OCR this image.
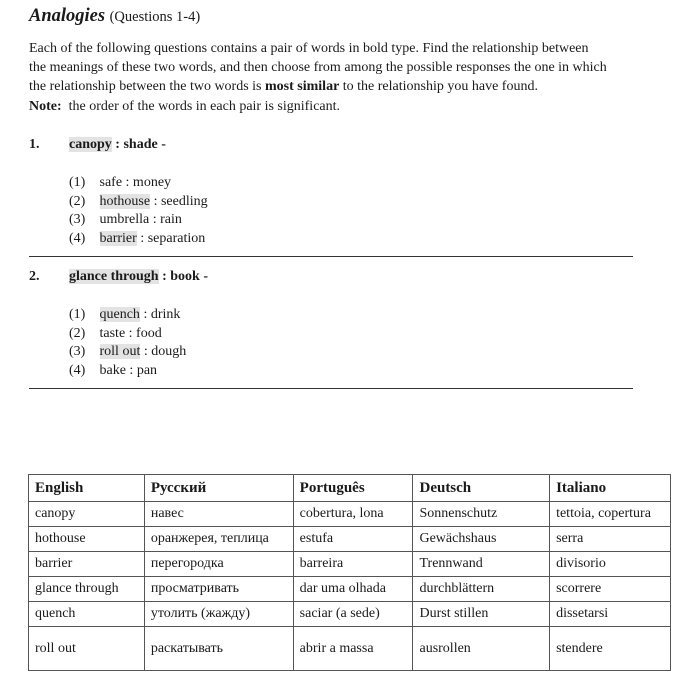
Analogies (Questions 1-4)
Each of the following questions contains a pair of words in bold type. Find the relationship between
the meanings of these two words, and then choose from among the possible responses the one in which
the relationship between the two words is most similar to the relationship you have found.
Note:  the order of the words in each pair is significant.
1. canopy : shade -
(1) safe : money
(2) hothouse : seedling
(3) umbrella : rain
(4) barrier : separation
2. glance through : book -
(1) quench : drink
(2) taste : food
(3) roll out : dough
(4) bake : pan
English	Русский	Português	Deutsch	Italiano
canopy	навес	cobertura, lona	Sonnenschutz	tettoia, copertura
hothouse	оранжерея, теплица	estufa	Gewächshaus	serra
barrier	перегородка	barreira	Trennwand	divisorio
glance through	просматривать	dar uma olhada	durchblättern	scorrere
quench	утолить (жажду)	saciar (a sede)	Durst stillen	dissetarsi
roll out	раскатывать	abrir a massa	ausrollen	stendere
